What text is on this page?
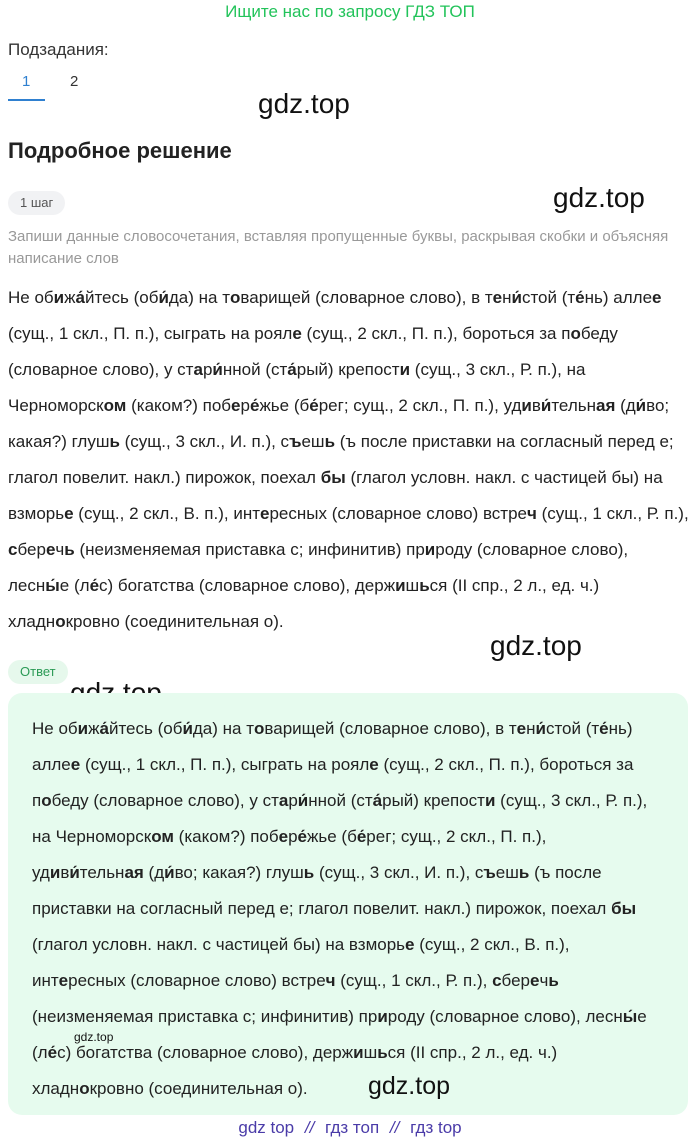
Ищите нас по запросу ГДЗ ТОП
Подзадания:
1	2
gdz.top
Подробное решение
gdz.top
1 шаг
Запиши данные словосочетания, вставляя пропущенные буквы, раскрывая скобки и объясняя написание слов
Не обижа́йтесь (оби́да) на товарищей (словарное слово), в тени́стой (те́нь) аллее (сущ., 1 скл., П. п.), сыграть на рояле (сущ., 2 скл., П. п.), бороться за победу (словарное слово), у стари́нной (ста́рый) крепости (сущ., 3 скл., Р. п.), на Черноморском (каком?) побере́жье (бе́рег; сущ., 2 скл., П. п.), удиви́тельная (ди́во; какая?) глушь (сущ., 3 скл., И. п.), съешь (ъ после приставки на согласный перед е; глагол повелит. накл.) пирожок, поехал бы (глагол условн. накл. с частицей бы) на взморье (сущ., 2 скл., В. п.), интересных (словарное слово) встреч (сущ., 1 скл., Р. п.), сберечь (неизменяемая приставка с; инфинитив) природу (словарное слово), лесны́е (ле́с) богатства (словарное слово), держишься (II спр., 2 л., ед. ч.) хладнокровно (соединительная о).
gdz.top
Ответ
Не обижа́йтесь (оби́да) на товарищей (словарное слово), в тени́стой (те́нь) аллее (сущ., 1 скл., П. п.), сыграть на рояле (сущ., 2 скл., П. п.), бороться за победу (словарное слово), у стари́нной (ста́рый) крепости (сущ., 3 скл., Р. п.), на Черноморском (каком?) побере́жье (бе́рег; сущ., 2 скл., П. п.), удиви́тельная (ди́во; какая?) глушь (сущ., 3 скл., И. п.), съешь (ъ после приставки на согласный перед е; глагол повелит. накл.) пирожок, поехал бы (глагол условн. накл. с частицей бы) на взморье (сущ., 2 скл., В. п.), интересных (словарное слово) встреч (сущ., 1 скл., Р. п.), сберечь (неизменяемая приставка с; инфинитив) природу (словарное слово), лесны́е (ле́с) богатства (словарное слово), держишься (II спр., 2 л., ед. ч.) хладнокровно (соединительная о).
gdz.top
gdz.top
gdz top // гдз топ // гдз top
